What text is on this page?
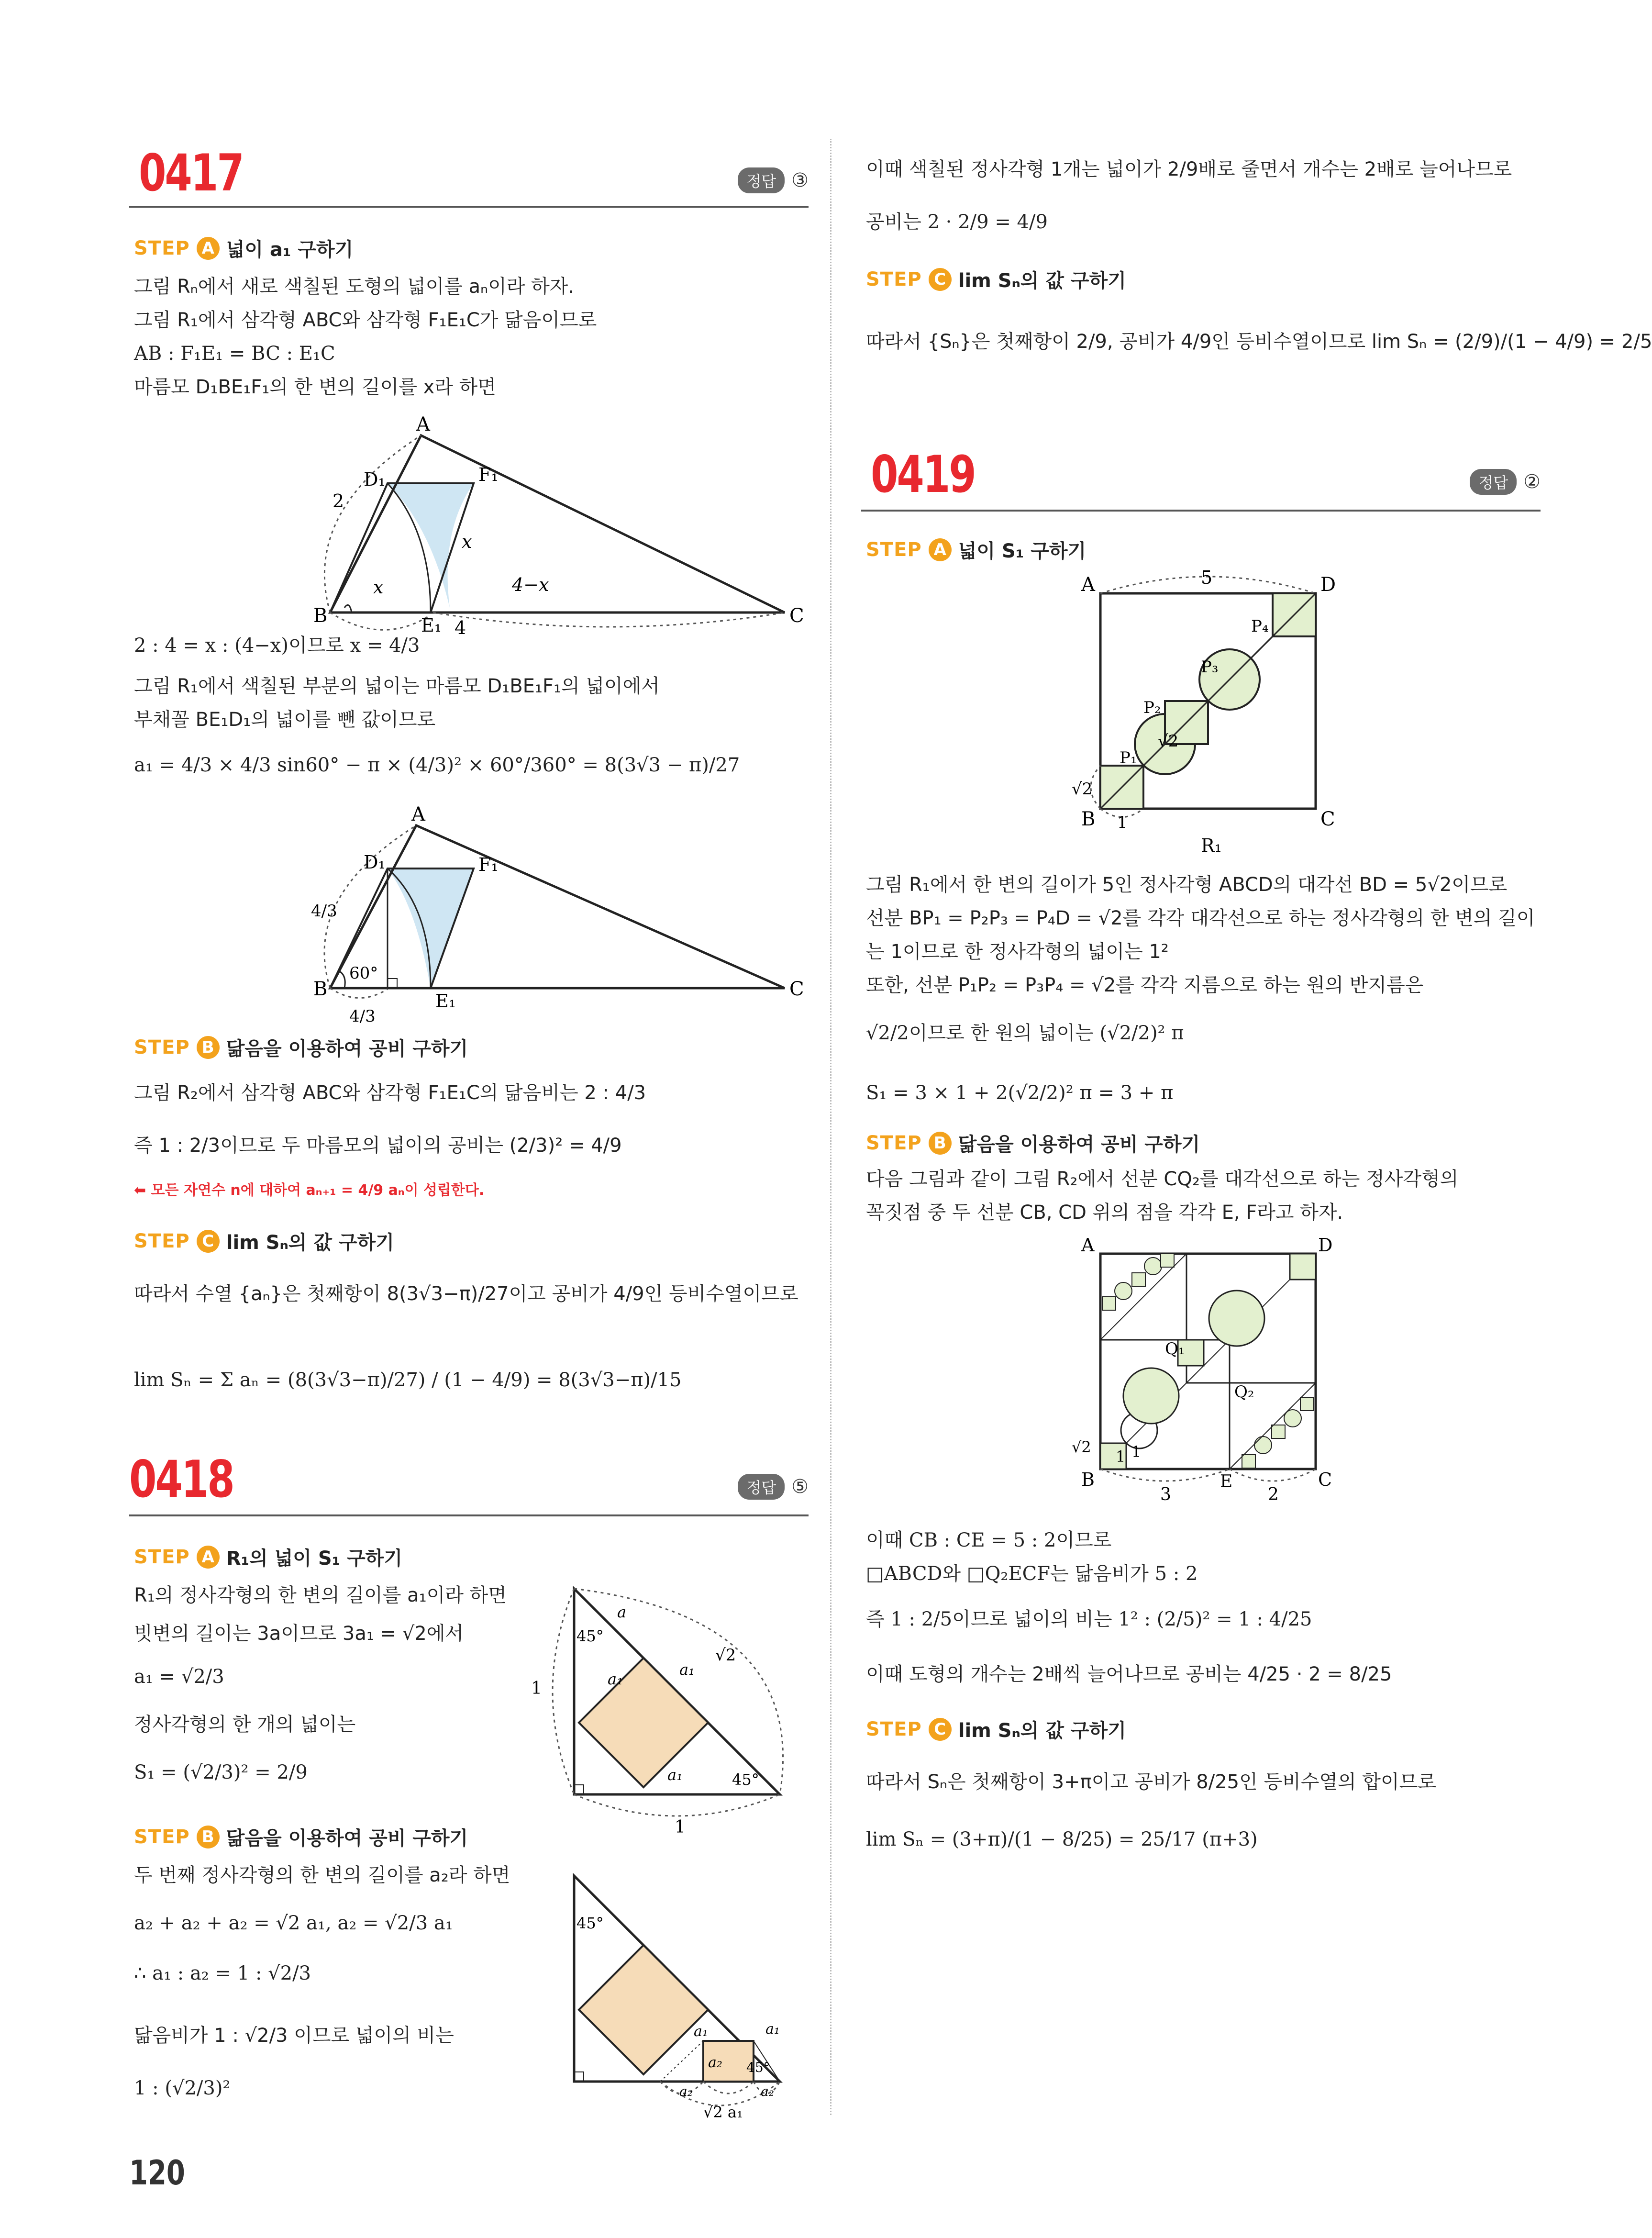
0417	정답 ③
STEP A 넓이 a₁ 구하기
그림 Rₙ에서 새로 색칠된 도형의 넓이를 aₙ이라 하자.
그림 R₁에서 삼각형 ABC와 삼각형 F₁E₁C가 닮음이므로
AB : F₁E₁ = BC : E₁C
마름모 D₁BE₁F₁의 한 변의 길이를 x라 하면
A
B	C
D₁
E₁
F₁
2
x
x
4−x
4
2 : 4 = x : (4−x)이므로 x = 4/3
그림 R₁에서 색칠된 부분의 넓이는 마름모 D₁BE₁F₁의 넓이에서
부채꼴 BE₁D₁의 넓이를 뺀 값이므로
a₁ = 4/3 × 4/3 sin60° − π × (4/3)² × 60°/360° = 8(3√3 − π)/27
A
B	C
D₁
E₁
F₁
60°
4/3
4/3
STEP B 닮음을 이용하여 공비 구하기
그림 R₂에서 삼각형 ABC와 삼각형 F₁E₁C의 닮음비는 2 : 4/3
즉 1 : 2/3이므로 두 마름모의 넓이의 공비는 (2/3)² = 4/9
⬅ 모든 자연수 n에 대하여 aₙ₊₁ = 4/9 aₙ이 성립한다.
STEP C lim Sₙ의 값 구하기
따라서 수열 {aₙ}은 첫째항이 8(3√3−π)/27이고 공비가 4/9인 등비수열이므로
lim Sₙ = Σ aₙ = (8(3√3−π)/27) / (1 − 4/9) = 8(3√3−π)/15
0418	정답 ⑤
STEP A R₁의 넓이 S₁ 구하기
R₁의 정사각형의 한 변의 길이를 a₁이라 하면
빗변의 길이는 3a이므로 3a₁ = √2에서
a₁ = √2/3
정사각형의 한 개의 넓이는
S₁ = (√2/3)² = 2/9
45°
45°
a
a₁
a₁
a₁
√2
1
1
STEP B 닮음을 이용하여 공비 구하기
두 번째 정사각형의 한 변의 길이를 a₂라 하면
a₂ + a₂ + a₂ = √2 a₁, a₂ = √2/3 a₁
∴ a₁ : a₂ = 1 : √2/3
닮음비가 1 : √2/3 이므로 넓이의 비는
1 : (√2/3)²
45°
a₁	a₁
a₂
a₂	a₂
45°
√2 a₁
이때 색칠된 정사각형 1개는 넓이가 2/9배로 줄면서 개수는 2배로 늘어나므로
공비는 2 · 2/9 = 4/9
STEP C lim Sₙ의 값 구하기
따라서 {Sₙ}은 첫째항이 2/9, 공비가 4/9인 등비수열이므로 lim Sₙ = (2/9)/(1 − 4/9) = 2/5
0419	정답 ②
STEP A 넓이 S₁ 구하기
A	D
B	C
5
P₁
P₂
P₃
P₄
√2
√2
1
R₁
그림 R₁에서 한 변의 길이가 5인 정사각형 ABCD의 대각선 BD = 5√2이므로
선분 BP₁ = P₂P₃ = P₄D = √2를 각각 대각선으로 하는 정사각형의 한 변의 길이
는 1이므로 한 정사각형의 넓이는 1²
또한, 선분 P₁P₂ = P₃P₄ = √2를 각각 지름으로 하는 원의 반지름은
√2/2이므로 한 원의 넓이는 (√2/2)² π
S₁ = 3 × 1 + 2(√2/2)² π = 3 + π
STEP B 닮음을 이용하여 공비 구하기
다음 그림과 같이 그림 R₂에서 선분 CQ₂를 대각선으로 하는 정사각형의
꼭짓점 중 두 선분 CB, CD 위의 점을 각각 E, F라고 하자.
A	D
B	C
E
Q₁
Q₂
√2
1 1
3	2
이때 CB : CE = 5 : 2이므로
□ABCD와 □Q₂ECF는 닮음비가 5 : 2
즉 1 : 2/5이므로 넓이의 비는 1² : (2/5)² = 1 : 4/25
이때 도형의 개수는 2배씩 늘어나므로 공비는 4/25 · 2 = 8/25
STEP C lim Sₙ의 값 구하기
따라서 Sₙ은 첫째항이 3+π이고 공비가 8/25인 등비수열의 합이므로
lim Sₙ = (3+π)/(1 − 8/25) = 25/17 (π+3)
120
